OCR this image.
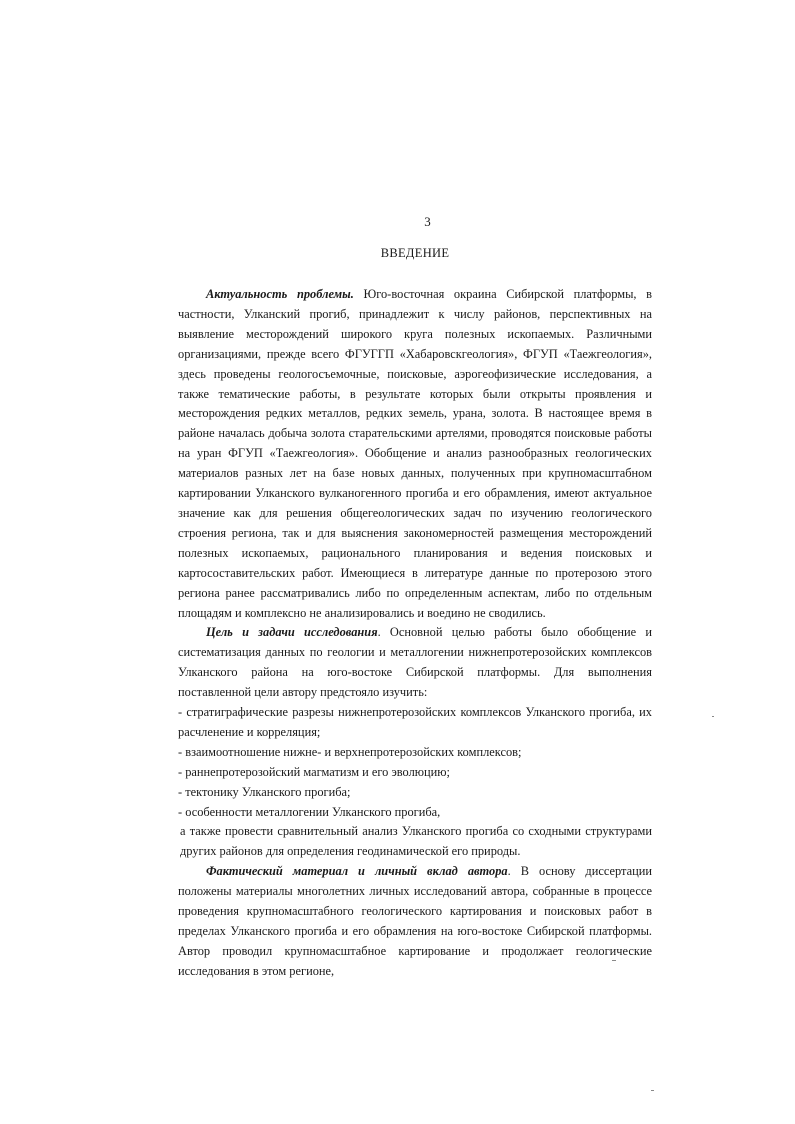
3
ВВЕДЕНИЕ

Актуальность проблемы. Юго-восточная окраина Сибирской платформы, в частности, Улканский прогиб, принадлежит к числу районов, перспективных на выявление месторождений широкого круга полезных ископаемых. Различными организациями, прежде всего ФГУГГП «Хабаровскгеология», ФГУП «Таежгеология», здесь проведены геологосъемочные, поисковые, аэрогеофизические исследования, а также тематические работы, в результате которых были открыты проявления и месторождения редких металлов, редких земель, урана, золота. В настоящее время в районе началась добыча золота старательскими артелями, проводятся поисковые работы на уран ФГУП «Таежгеология». Обобщение и анализ разнообразных геологических материалов разных лет на базе новых данных, полученных при крупномасштабном картировании Улканского вулканогенного прогиба и его обрамления, имеют актуальное значение как для решения общегеологических задач по изучению геологического строения региона, так и для выяснения закономерностей размещения месторождений полезных ископаемых, рационального планирования и ведения поисковых и картосоставительских работ. Имеющиеся в литературе данные по протерозою этого региона ранее рассматривались либо по определенным аспектам, либо по отдельным площадям и комплексно не анализировались и воедино не сводились.

Цель и задачи исследования. Основной целью работы было обобщение и систематизация данных по геологии и металлогении нижнепротерозойских комплексов Улканского района на юго-востоке Сибирской платформы. Для выполнения поставленной цели автору предстояло изучить:

- стратиграфические разрезы нижнепротерозойских комплексов Улканского прогиба, их расчленение и корреляция;

- взаимоотношение нижне- и верхнепротерозойских комплексов;

- раннепротерозойский магматизм и его эволюцию;

- тектонику Улканского прогиба;

- особенности металлогении Улканского прогиба,

а также провести сравнительный анализ Улканского прогиба со сходными структурами других районов для определения геодинамической его природы.

Фактический материал и личный вклад автора. В основу диссертации положены материалы многолетних личных исследований автора, собранные в процессе проведения крупномасштабного геологического картирования и поисковых работ в пределах Улканского прогиба и его обрамления на юго-востоке Сибирской платформы. Автор проводил крупномасштабное картирование и продолжает геологические исследования в этом регионе,
